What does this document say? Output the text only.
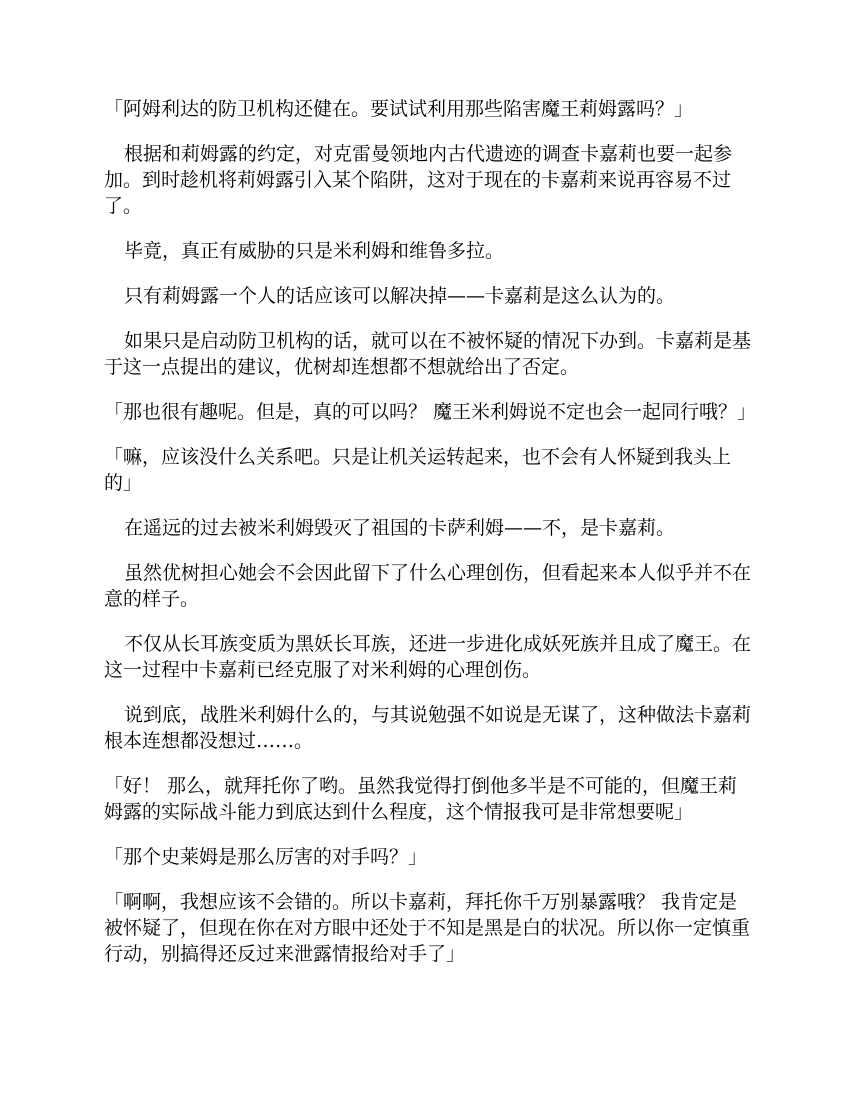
「阿姆利达的防卫机构还健在。要试试利用那些陷害魔王莉姆露吗？」

根据和莉姆露的约定，对克雷曼领地内古代遗迹的调查卡嘉莉也要一起参加。到时趁机将莉姆露引入某个陷阱，这对于现在的卡嘉莉来说再容易不过了。

毕竟，真正有威胁的只是米利姆和维鲁多拉。

只有莉姆露一个人的话应该可以解决掉——卡嘉莉是这么认为的。

如果只是启动防卫机构的话，就可以在不被怀疑的情况下办到。卡嘉莉是基于这一点提出的建议，优树却连想都不想就给出了否定。

「那也很有趣呢。但是，真的可以吗？ 魔王米利姆说不定也会一起同行哦？」

「嘛，应该没什么关系吧。只是让机关运转起来，也不会有人怀疑到我头上的」

在遥远的过去被米利姆毁灭了祖国的卡萨利姆——不，是卡嘉莉。

虽然优树担心她会不会因此留下了什么心理创伤，但看起来本人似乎并不在意的样子。

不仅从长耳族变质为黑妖长耳族，还进一步进化成妖死族并且成了魔王。在这一过程中卡嘉莉已经克服了对米利姆的心理创伤。

说到底，战胜米利姆什么的，与其说勉强不如说是无谋了，这种做法卡嘉莉根本连想都没想过……。

「好！ 那么，就拜托你了哟。虽然我觉得打倒他多半是不可能的，但魔王莉姆露的实际战斗能力到底达到什么程度，这个情报我可是非常想要呢」

「那个史莱姆是那么厉害的对手吗？」

「啊啊，我想应该不会错的。所以卡嘉莉，拜托你千万别暴露哦？ 我肯定是被怀疑了，但现在你在对方眼中还处于不知是黑是白的状况。所以你一定慎重行动，别搞得还反过来泄露情报给对手了」
